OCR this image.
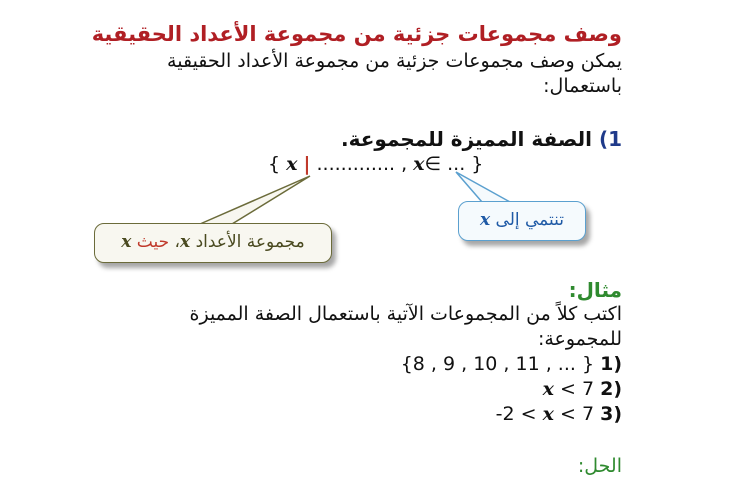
وصف مجموعات جزئية من مجموعة الأعداد الحقيقية
يمكن وصف مجموعات جزئية من مجموعة الأعداد الحقيقية
باستعمال:
1) الصفة المميزة للمجموعة.
{ x | ............. , x∈ ... }
مجموعة الأعداد x، حيث x
x تنتمي إلى
مثال:
اكتب كلاً من المجموعات الآتية باستعمال الصفة المميزة
للمجموعة:
{8 , 9 , 10 , 11 , ... } 1)
x < 7 2)
-2 < x < 7 3)
الحل:
